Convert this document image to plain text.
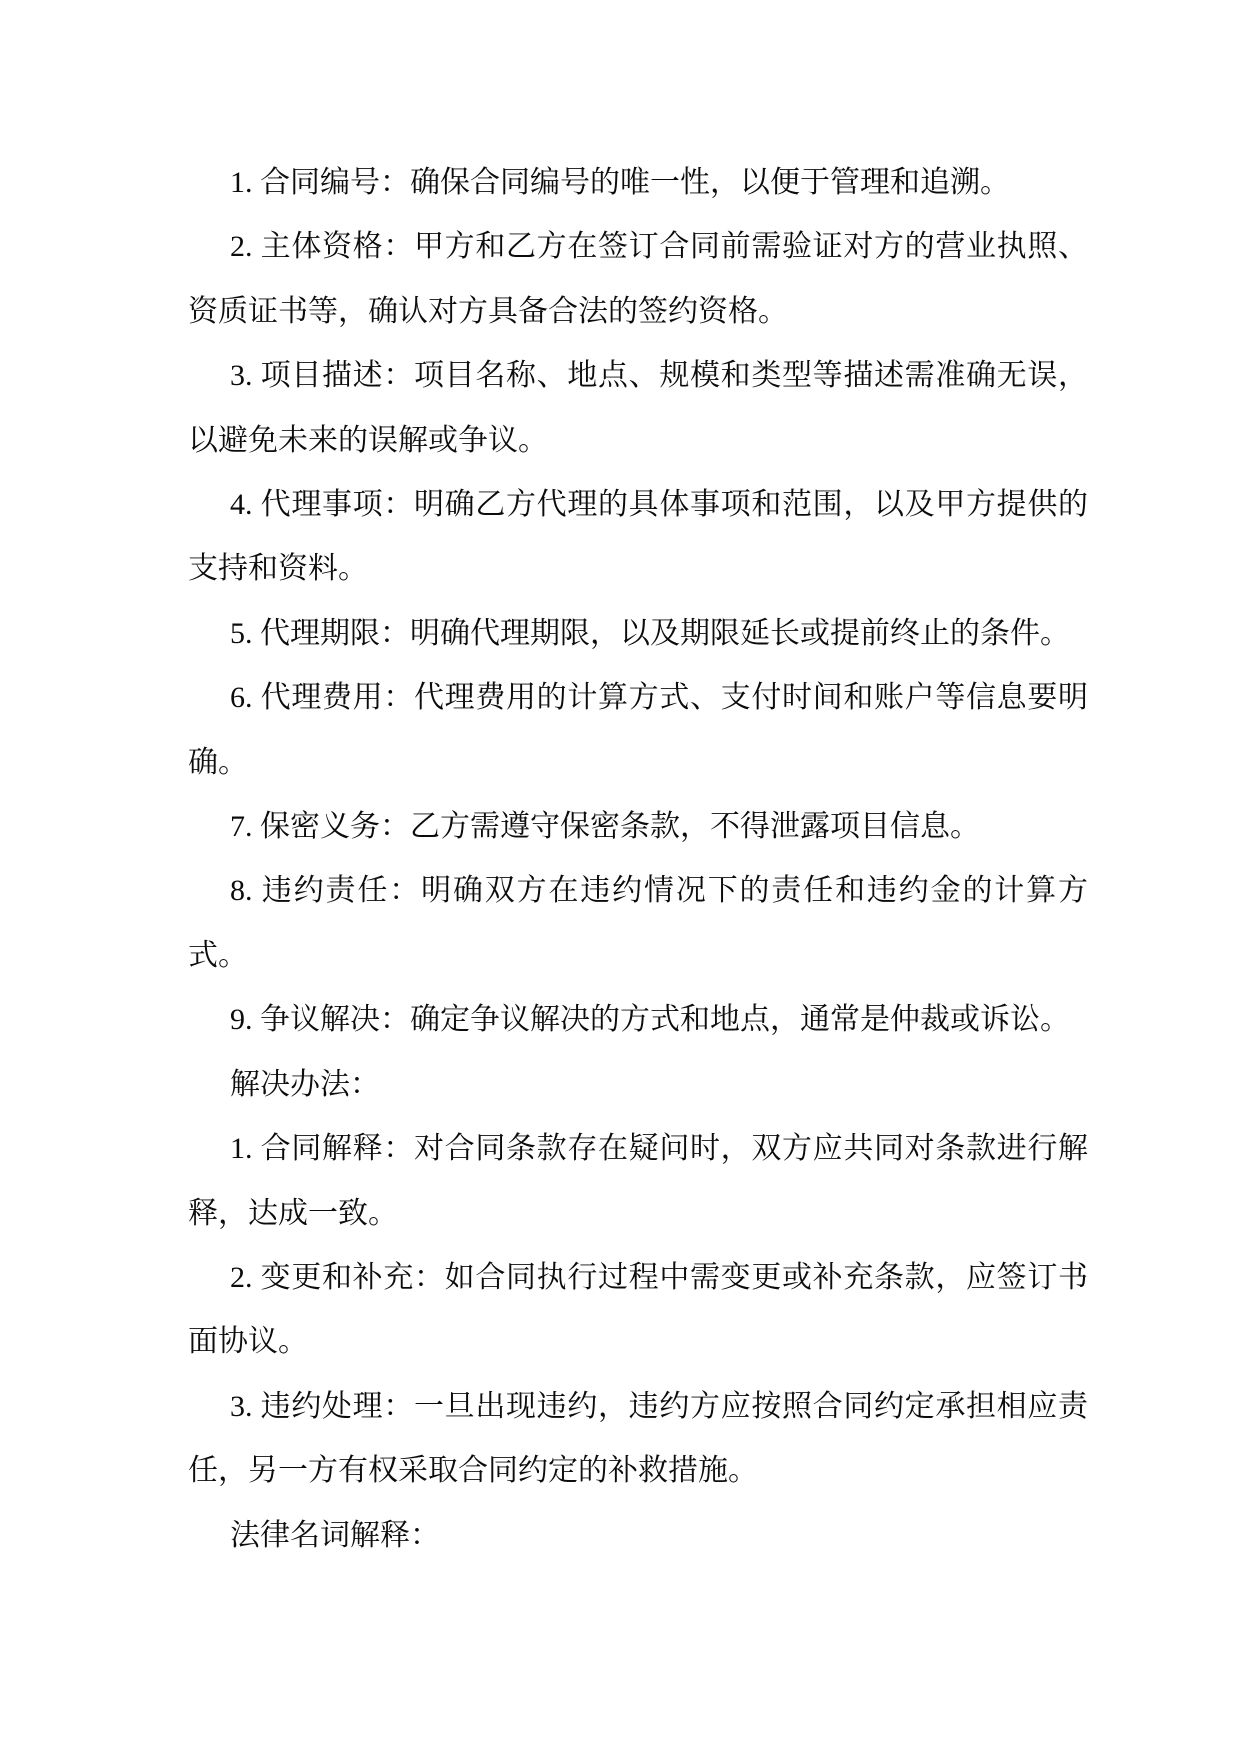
1. 合同编号：确保合同编号的唯一性，以便于管理和追溯。

2. 主体资格：甲方和乙方在签订合同前需验证对方的营业执照、资质证书等，确认对方具备合法的签约资格。

3. 项目描述：项目名称、地点、规模和类型等描述需准确无误，以避免未来的误解或争议。

4. 代理事项：明确乙方代理的具体事项和范围，以及甲方提供的支持和资料。

5. 代理期限：明确代理期限，以及期限延长或提前终止的条件。

6. 代理费用：代理费用的计算方式、支付时间和账户等信息要明确。

7. 保密义务：乙方需遵守保密条款，不得泄露项目信息。

8. 违约责任：明确双方在违约情况下的责任和违约金的计算方式。

9. 争议解决：确定争议解决的方式和地点，通常是仲裁或诉讼。

解决办法：

1. 合同解释：对合同条款存在疑问时，双方应共同对条款进行解释，达成一致。

2. 变更和补充：如合同执行过程中需变更或补充条款，应签订书面协议。

3. 违约处理：一旦出现违约，违约方应按照合同约定承担相应责任，另一方有权采取合同约定的补救措施。

法律名词解释：
